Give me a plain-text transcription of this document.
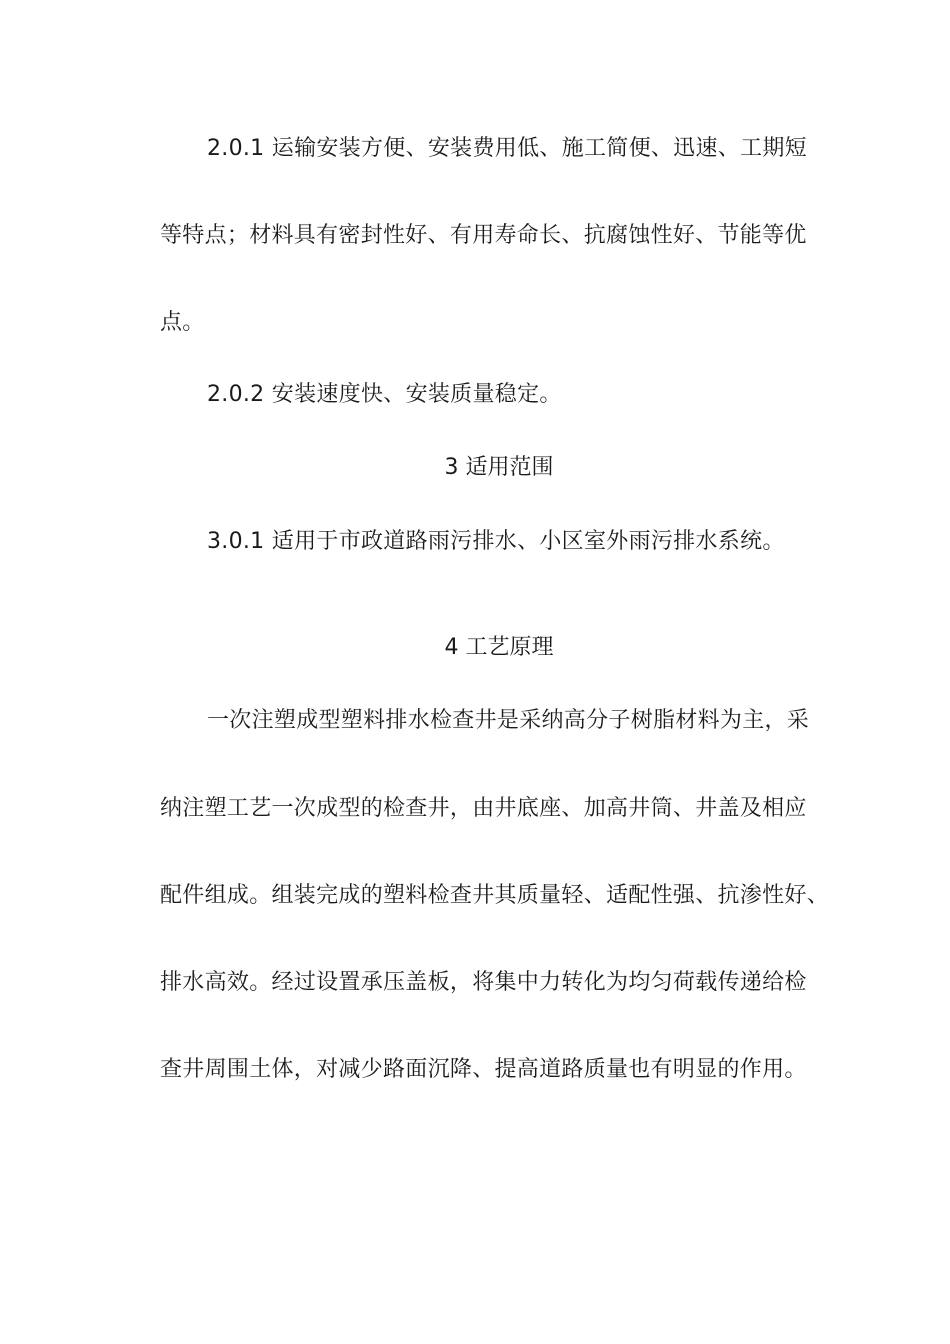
2.0.1 运输安装方便、安装费用低、施工简便、迅速、工期短
等特点；材料具有密封性好、有用寿命长、抗腐蚀性好、节能等优
点。
2.0.2 安装速度快、安装质量稳定。
3 适用范围
3.0.1 适用于市政道路雨污排水、小区室外雨污排水系统。
4 工艺原理
一次注塑成型塑料排水检查井是采纳高分子树脂材料为主，采
纳注塑工艺一次成型的检查井，由井底座、加高井筒、井盖及相应
配件组成。组装完成的塑料检查井其质量轻、适配性强、抗渗性好、
排水高效。经过设置承压盖板，将集中力转化为均匀荷载传递给检
查井周围土体，对减少路面沉降、提高道路质量也有明显的作用。
